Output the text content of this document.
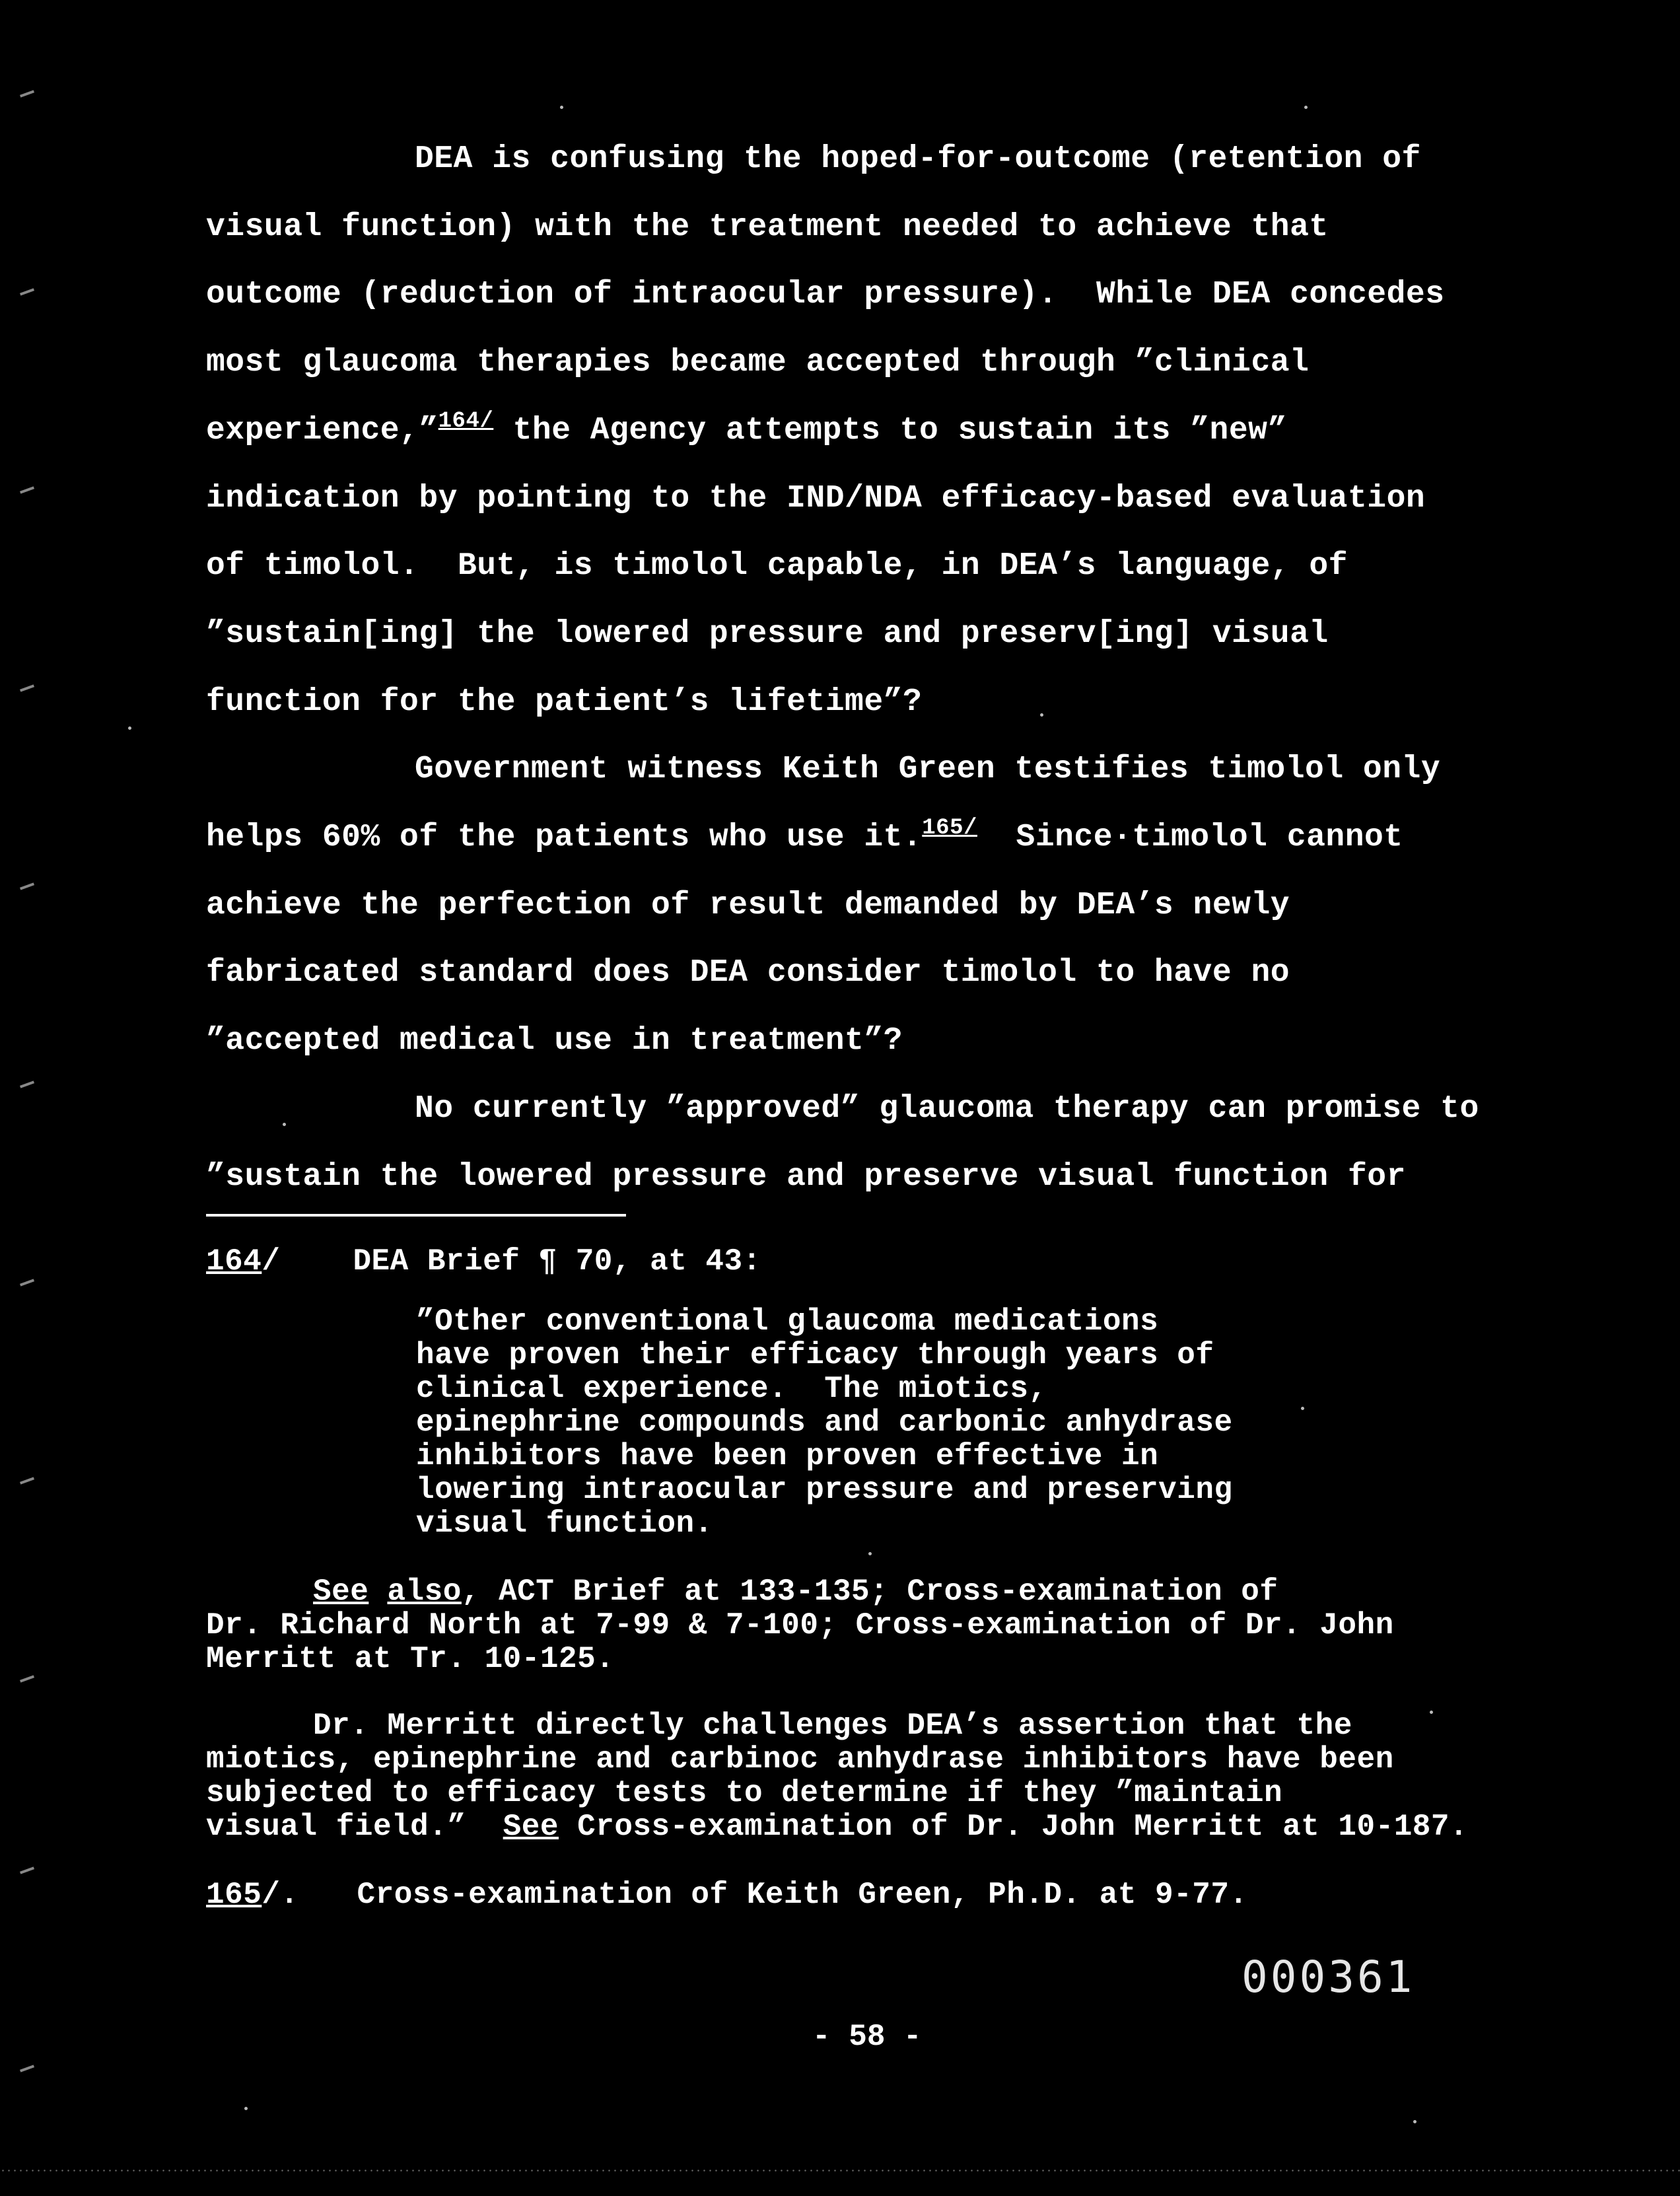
DEA is confusing the hoped-for-outcome (retention of

visual function) with the treatment needed to achieve that

outcome (reduction of intraocular pressure).  While DEA concedes

most glaucoma therapies became accepted through ”clinical

experience,”$^{164/}$ the Agency attempts to sustain its ”new”

indication by pointing to the IND/NDA efficacy-based evaluation

of timolol.  But, is timolol capable, in DEA’s language, of

”sustain[ing] the lowered pressure and preserv[ing] visual

function for the patient’s lifetime”?

Government witness Keith Green testifies timolol only

helps 60% of the patients who use it.$^{165/}$  Since·timolol cannot

achieve the perfection of result demanded by DEA’s newly

fabricated standard does DEA consider timolol to have no

”accepted medical use in treatment”?

No currently ”approved” glaucoma therapy can promise to

”sustain the lowered pressure and preserve visual function for

164/ DEA Brief ¶ 70, at 43:

”Other conventional glaucoma medications

have proven their efficacy through years of

clinical experience.  The miotics,

epinephrine compounds and carbonic anhydrase

inhibitors have been proven effective in

lowering intraocular pressure and preserving

visual function.

See also, ACT Brief at 133-135; Cross-examination of

Dr. Richard North at 7-99 & 7-100; Cross-examination of Dr. John

Merritt at Tr. 10-125.

Dr. Merritt directly challenges DEA’s assertion that the

miotics, epinephrine and carbinoc anhydrase inhibitors have been

subjected to efficacy tests to determine if they ”maintain

visual field.”  See Cross-examination of Dr. John Merritt at 10-187.

165/. Cross-examination of Keith Green, Ph.D. at 9-77.

000361
- 58 -
